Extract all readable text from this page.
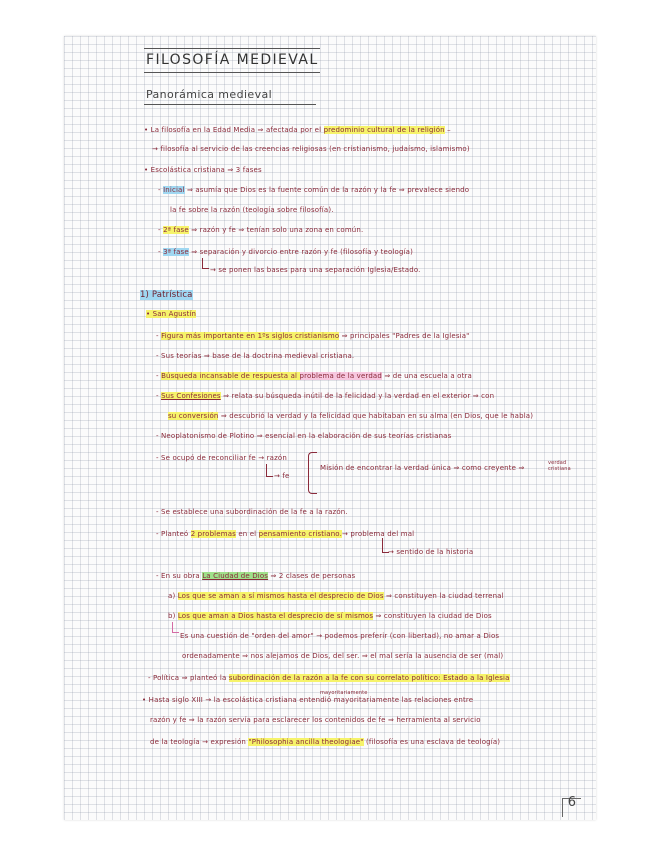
FILOSOFÍA MEDIEVAL
Panorámica medieval
• La filosofía en la Edad Media ⇒ afectada por el predominio cultural de la religión –
→ filosofía al servicio de las creencias religiosas (en cristianismo, judaísmo, islamismo)
• Escolástica cristiana ⇒ 3 fases
- Inicial ⇒ asumía que Dios es la fuente común de la razón y la fe ⇒ prevalece siendo
la fe sobre la razón (teología sobre filosofía).
- 2ª fase ⇒ razón y fe ⇒ tenían solo una zona en común.
- 3ª fase ⇒ separación y divorcio entre razón y fe (filosofía y teología)
→ se ponen las bases para una separación Iglesia/Estado.
1) Patrística
• San Agustín
- Figura más importante en 1ºs siglos cristianismo ⇒ principales "Padres de la Iglesia"
- Sus teorías ⇒ base de la doctrina medieval cristiana.
- Búsqueda incansable de respuesta al problema de la verdad ⇒ de una escuela a otra
- Sus Confesiones ⇒ relata su búsqueda inútil de la felicidad y la verdad en el exterior ⇒ con
su conversión ⇒ descubrió la verdad y la felicidad que habitaban en su alma (en Dios, que le habla)
- Neoplatonismo de Plotino ⇒ esencial en la elaboración de sus teorías cristianas
- Se ocupó de reconciliar fe → razón
→ fe
Misión de encontrar la verdad única ⇒ como creyente ⇒
verdad cristiana
- Se establece una subordinación de la fe a la razón.
- Planteó 2 problemas en el pensamiento cristiano.→ problema del mal
→ sentido de la historia
- En su obra La Ciudad de Dios ⇒ 2 clases de personas
a) Los que se aman a sí mismos hasta el desprecio de Dios ⇒ constituyen la ciudad terrenal
b) Los que aman a Dios hasta el desprecio de sí mismos ⇒ constituyen la ciudad de Dios
Es una cuestión de "orden del amor" → podemos preferir (con libertad), no amar a Dios
ordenadamente ⇒ nos alejamos de Dios, del ser. ⇒ el mal sería la ausencia de ser (mal)
- Política ⇒ planteó la subordinación de la razón a la fe con su correlato político: Estado a la Iglesia
mayoritariamente
• Hasta siglo XIII → la escolástica cristiana entendió mayoritariamente las relaciones entre
razón y fe ⇒ la razón servía para esclarecer los contenidos de fe ⇒ herramienta al servicio
de la teología → expresión "Philosophia ancilla theologiae" (filosofía es una esclava de teología)
6
